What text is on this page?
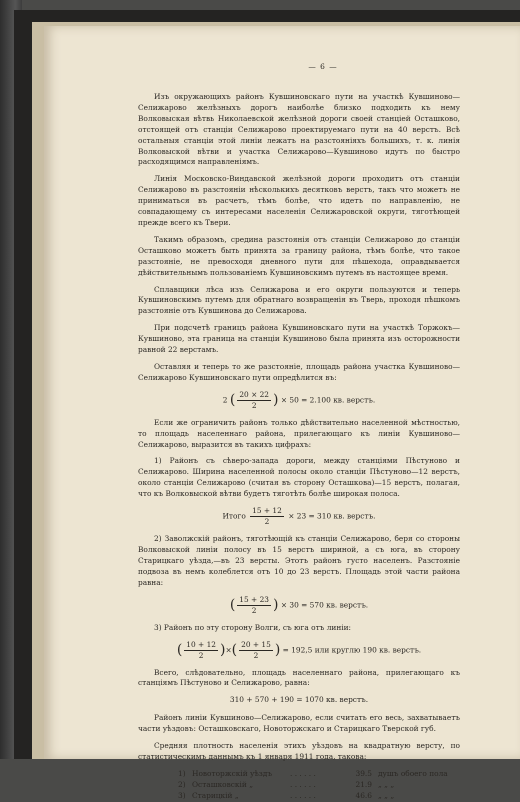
— 6 —

Изъ окружающихъ районъ Кувшиновскаго пути на участкѣ Кувшиново—Селижарово желѣзныхъ дорогъ наиболѣе близко подходить къ нему Волковыская вѣтвь Николаевской желѣзной дороги своей станціей Осташково, отстоящей отъ станціи Селижарово проектируемаго пути на 40 верстъ. Всѣ остальныя станціи этой линіи лежатъ на разстояніяхъ большихъ, т. к. линія Волковыской вѣтви и участка Селижарово—Кувшиново идутъ по быстро расходящимся направленіямъ.

Линія Московско-Виндавской желѣзной дороги проходитъ отъ станціи Селижарово въ разстояніи нѣсколькихъ десятковъ верстъ, такъ что можетъ не приниматься въ расчетъ, тѣмъ болѣе, что идетъ по направленію, не совпадающему съ интересами населенія Селижаровской округи, тяготѣющей прежде всего къ Твери.

Такимъ образомъ, средина разстоянія отъ станціи Селижарово до станціи Осташково можетъ быть принята за границу района, тѣмъ болѣе, что такое разстояніе, не превосходя дневного пути для пѣшехода, оправдывается дѣйствительнымъ пользованіемъ Кувшиновскимъ путемъ въ настоящее время.

Сплавщики лѣса изъ Селижарова и его округи пользуются и теперь Кувшиновскимъ путемъ для обратнаго возвращенія въ Тверь, проходя пѣшкомъ разстояніе отъ Кувшинова до Селижарова.

При подсчетѣ границъ района Кувшиновскаго пути на участкѣ Торжокъ—Кувшиново, эта граница на станціи Кувшиново была принята изъ осторожности равной 22 верстамъ.

Оставляя и теперь то же разстояніе, площадь района участка Кувшиново—Селижарово Кувшиновскаго пути опредѣлится въ:

2 ( $\frac{20 \times 22}{2}$ ) × 50 = 2.100 кв. верстъ.

Если же ограничить районъ только дѣйствительно населенной мѣстностью, то площадь населеннаго района, прилегающаго къ линіи Кувшиново—Селижарово, выразится въ такихъ цифрахъ:

1) Районъ съ сѣверо-запада дороги, между станціями Пѣстуново и Селижарово. Ширина населенной полосы около станціи Пѣстуново—12 верстъ, около станціи Селижарово (считая въ сторону Осташкова)—15 верстъ, полагая, что къ Волковыской вѣтви будетъ тяготѣть болѣе широкая полоса.

Итого $\frac{15 + 12}{2} \times 23 = 310$ кв. верстъ.

2) Заволжскій районъ, тяготѣющій къ станціи Селижарово, беря со стороны Волковыской линіи полосу въ 15 верстъ шириной, а съ юга, въ сторону Старицкаго уѣзда,—въ 23 версты. Этотъ районъ густо населенъ. Разстояніе подвоза въ немъ колеблется отъ 10 до 23 верстъ. Площадь этой части района равна:

( $\frac{15 + 23}{2}$ ) × 30 = 570 кв. верстъ.

3) Районъ по эту сторону Волги, съ юга отъ линіи:

( $\frac{10 + 12}{2}$ )×( $\frac{20 + 15}{2}$ ) = 192,5 или круглю 190 кв. верстъ.

Всего, слѣдовательно, площадь населеннаго района, прилегающаго къ станціямъ Пѣстуново и Селижарово, равна:

310 + 570 + 190 = 1070 кв. верстъ.

Районъ линіи Кувшиново—Селижарово, если считать его весь, захватываетъ части уѣздовъ: Осташковскаго, Новоторжскаго и Старицкаго Тверской губ.

Средняя плотность населенія этихъ уѣздовъ на квадратную версту, по статистическимъ даннымъ къ 1 января 1911 года, такова:

1) Новоторжскій уѣздъ	. . . . . .	39.5 душъ обоего пола
2) Осташковскій „	. . . . . .	21.9 „ „ „
3) Старицкій „	. . . . . .	46.6 „ „ „
